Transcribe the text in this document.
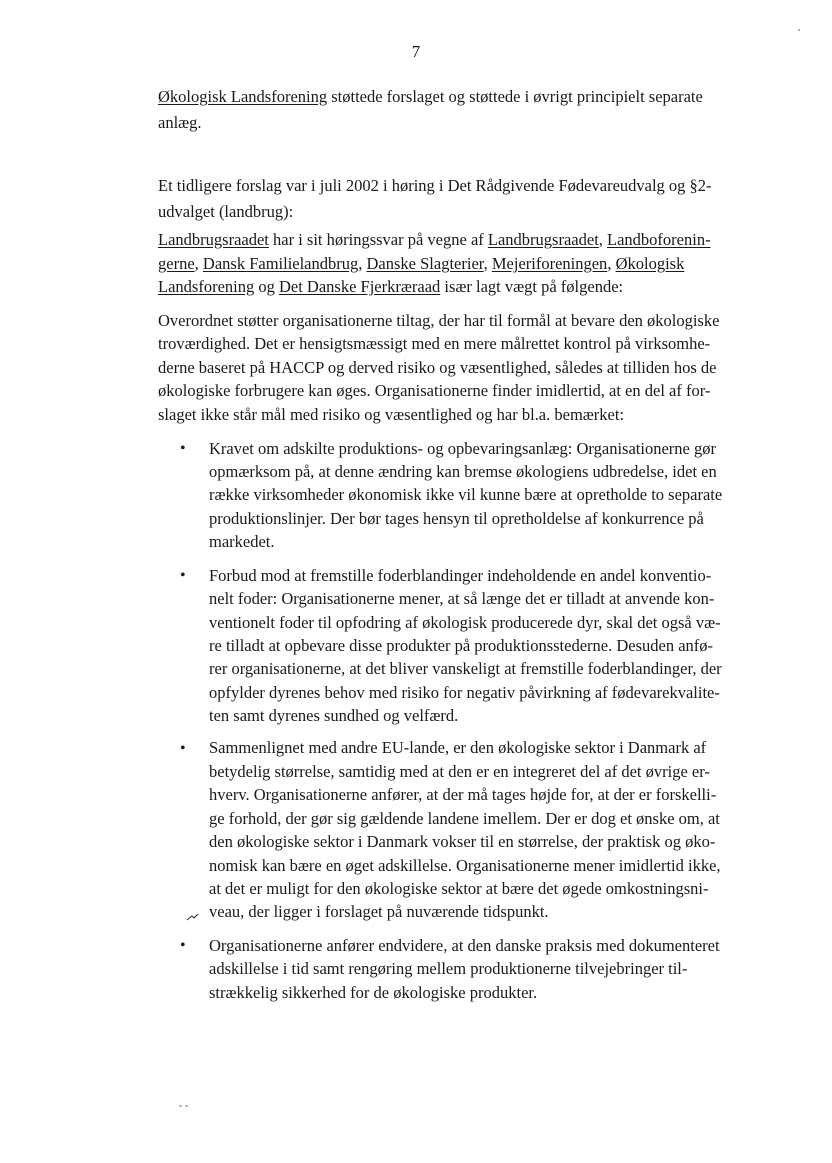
7
Økologisk Landsforening støttede forslaget og støttede i øvrigt principielt separate
anlæg.
Et tidligere forslag var i juli 2002 i høring i Det Rådgivende Fødevareudvalg og §2-
udvalget (landbrug):
Landbrugsraadet har i sit høringssvar på vegne af Landbrugsraadet, Landboforenin-
gerne, Dansk Familielandbrug, Danske Slagterier, Mejeriforeningen, Økologisk
Landsforening og Det Danske Fjerkræraad især lagt vægt på følgende:
Overordnet støtter organisationerne tiltag, der har til formål at bevare den økologiske
troværdighed. Det er hensigtsmæssigt med en mere målrettet kontrol på virksomhe-
derne baseret på HACCP og derved risiko og væsentlighed, således at tilliden hos de
økologiske forbrugere kan øges. Organisationerne finder imidlertid, at en del af for-
slaget ikke står mål med risiko og væsentlighed og har bl.a. bemærket:
• Kravet om adskilte produktions- og opbevaringsanlæg: Organisationerne gør
opmærksom på, at denne ændring kan bremse økologiens udbredelse, idet en
række virksomheder økonomisk ikke vil kunne bære at opretholde to separate
produktionslinjer. Der bør tages hensyn til opretholdelse af konkurrence på
markedet.
• Forbud mod at fremstille foderblandinger indeholdende en andel konventio-
nelt foder: Organisationerne mener, at så længe det er tilladt at anvende kon-
ventionelt foder til opfodring af økologisk producerede dyr, skal det også væ-
re tilladt at opbevare disse produkter på produktionsstederne. Desuden anfø-
rer organisationerne, at det bliver vanskeligt at fremstille foderblandinger, der
opfylder dyrenes behov med risiko for negativ påvirkning af fødevarekvalite-
ten samt dyrenes sundhed og velfærd.
• Sammenlignet med andre EU-lande, er den økologiske sektor i Danmark af
betydelig størrelse, samtidig med at den er en integreret del af det øvrige er-
hverv. Organisationerne anfører, at der må tages højde for, at der er forskelli-
ge forhold, der gør sig gældende landene imellem. Der er dog et ønske om, at
den økologiske sektor i Danmark vokser til en størrelse, der praktisk og øko-
nomisk kan bære en øget adskillelse. Organisationerne mener imidlertid ikke,
at det er muligt for den økologiske sektor at bære det øgede omkostningsni-
veau, der ligger i forslaget på nuværende tidspunkt.
• Organisationerne anfører endvidere, at den danske praksis med dokumenteret
adskillelse i tid samt rengøring mellem produktionerne tilvejebringer til-
strækkelig sikkerhed for de økologiske produkter.
